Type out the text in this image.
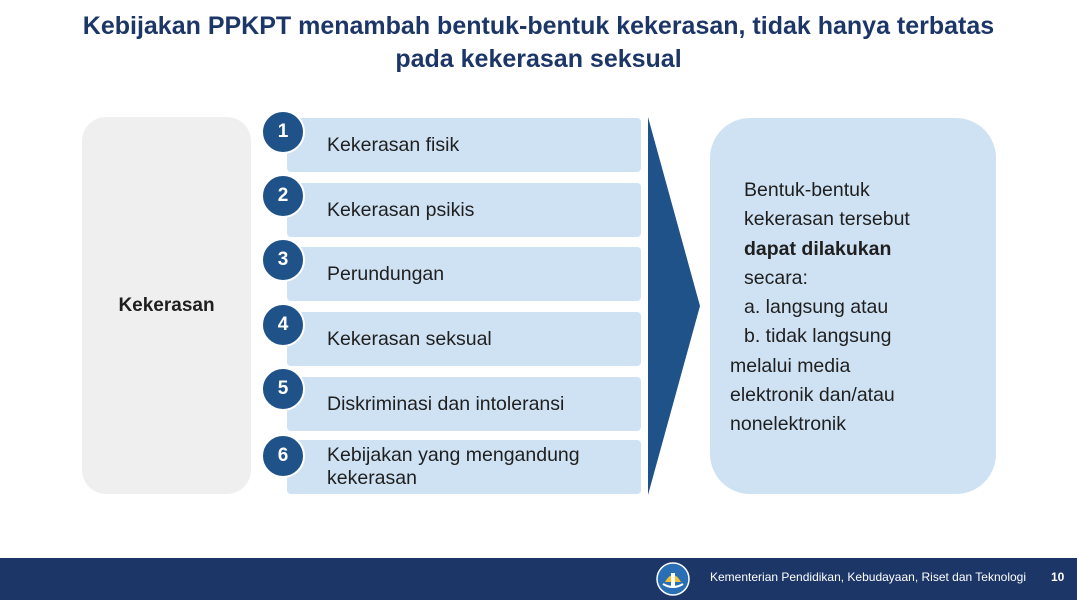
Kebijakan PPKPT menambah bentuk-bentuk kekerasan, tidak hanya terbatas
pada kekerasan seksual
Kekerasan
Kekerasan fisik
1
Kekerasan psikis
2
Perundungan
3
Kekerasan seksual
4
Diskriminasi dan intoleransi
5
Kebijakan yang mengandung
kekerasan
6
Bentuk-bentuk
kekerasan tersebut
dapat dilakukan
secara:
a. langsung atau
b. tidak langsung
melalui media
elektronik dan/atau
nonelektronik
Kementerian Pendidikan, Kebudayaan, Riset dan Teknologi 10
